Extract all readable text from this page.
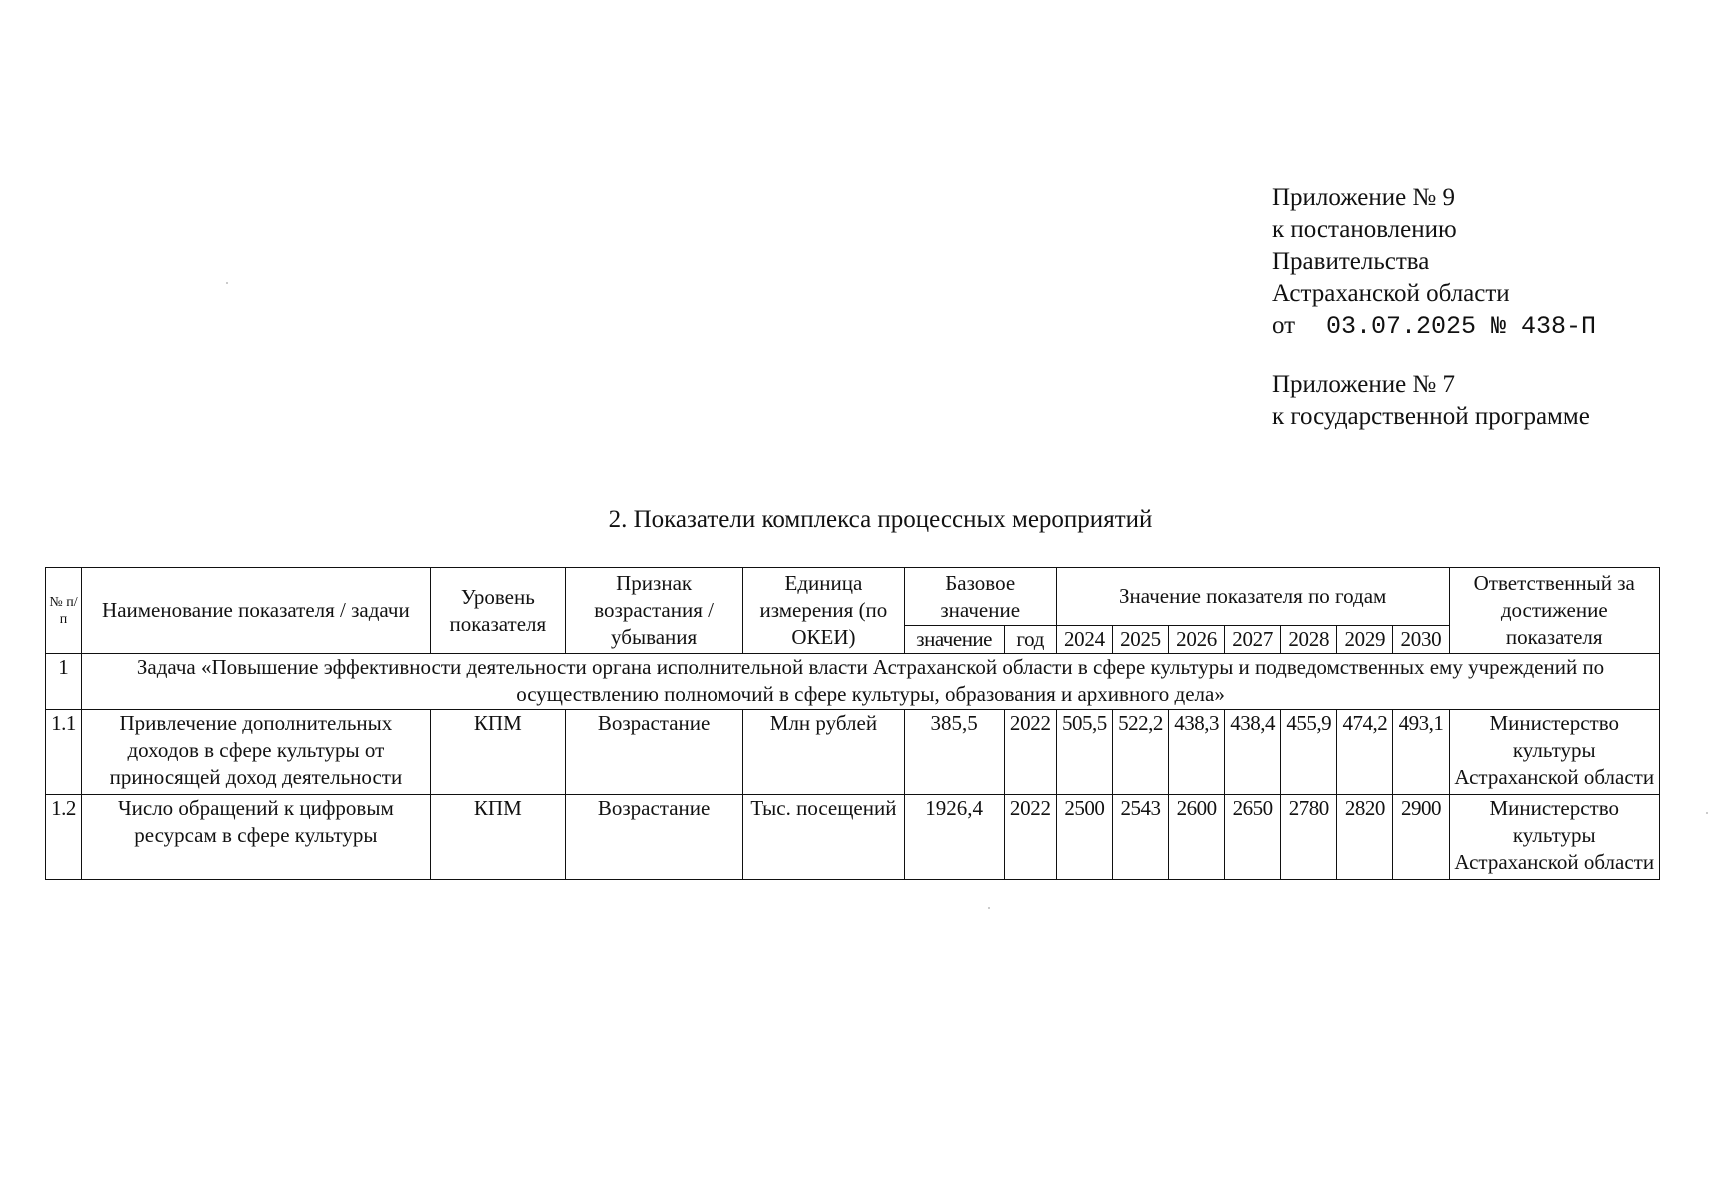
Приложение № 9
к постановлению
Правительства
Астраханской области
от 03.07.2025 № 438-П
Приложение № 7
к государственной программе
2. Показатели комплекса процессных мероприятий
№ п/п	Наименование показателя / задачи	Уровень показателя	Признак возрастания / убывания	Единица измерения (по ОКЕИ)	Базовое значение		Значение показателя по годам							Ответственный за достижение показателя
					значение	год	2024	2025	2026	2027	2028	2029	2030	
1	Задача «Повышение эффективности деятельности органа исполнительной власти Астраханской области в сфере культуры и подведомственных ему учреждений по осуществлению полномочий в сфере культуры, образования и архивного дела»													
1.1	Привлечение дополнительных доходов в сфере культуры от приносящей доход деятельности	КПМ	Возрастание	Млн рублей	385,5	2022	505,5	522,2	438,3	438,4	455,9	474,2	493,1	Министерство культуры Астраханской области
1.2	Число обращений к цифровым ресурсам в сфере культуры	КПМ	Возрастание	Тыс. посещений	1926,4	2022	2500	2543	2600	2650	2780	2820	2900	Министерство культуры Астраханской области
